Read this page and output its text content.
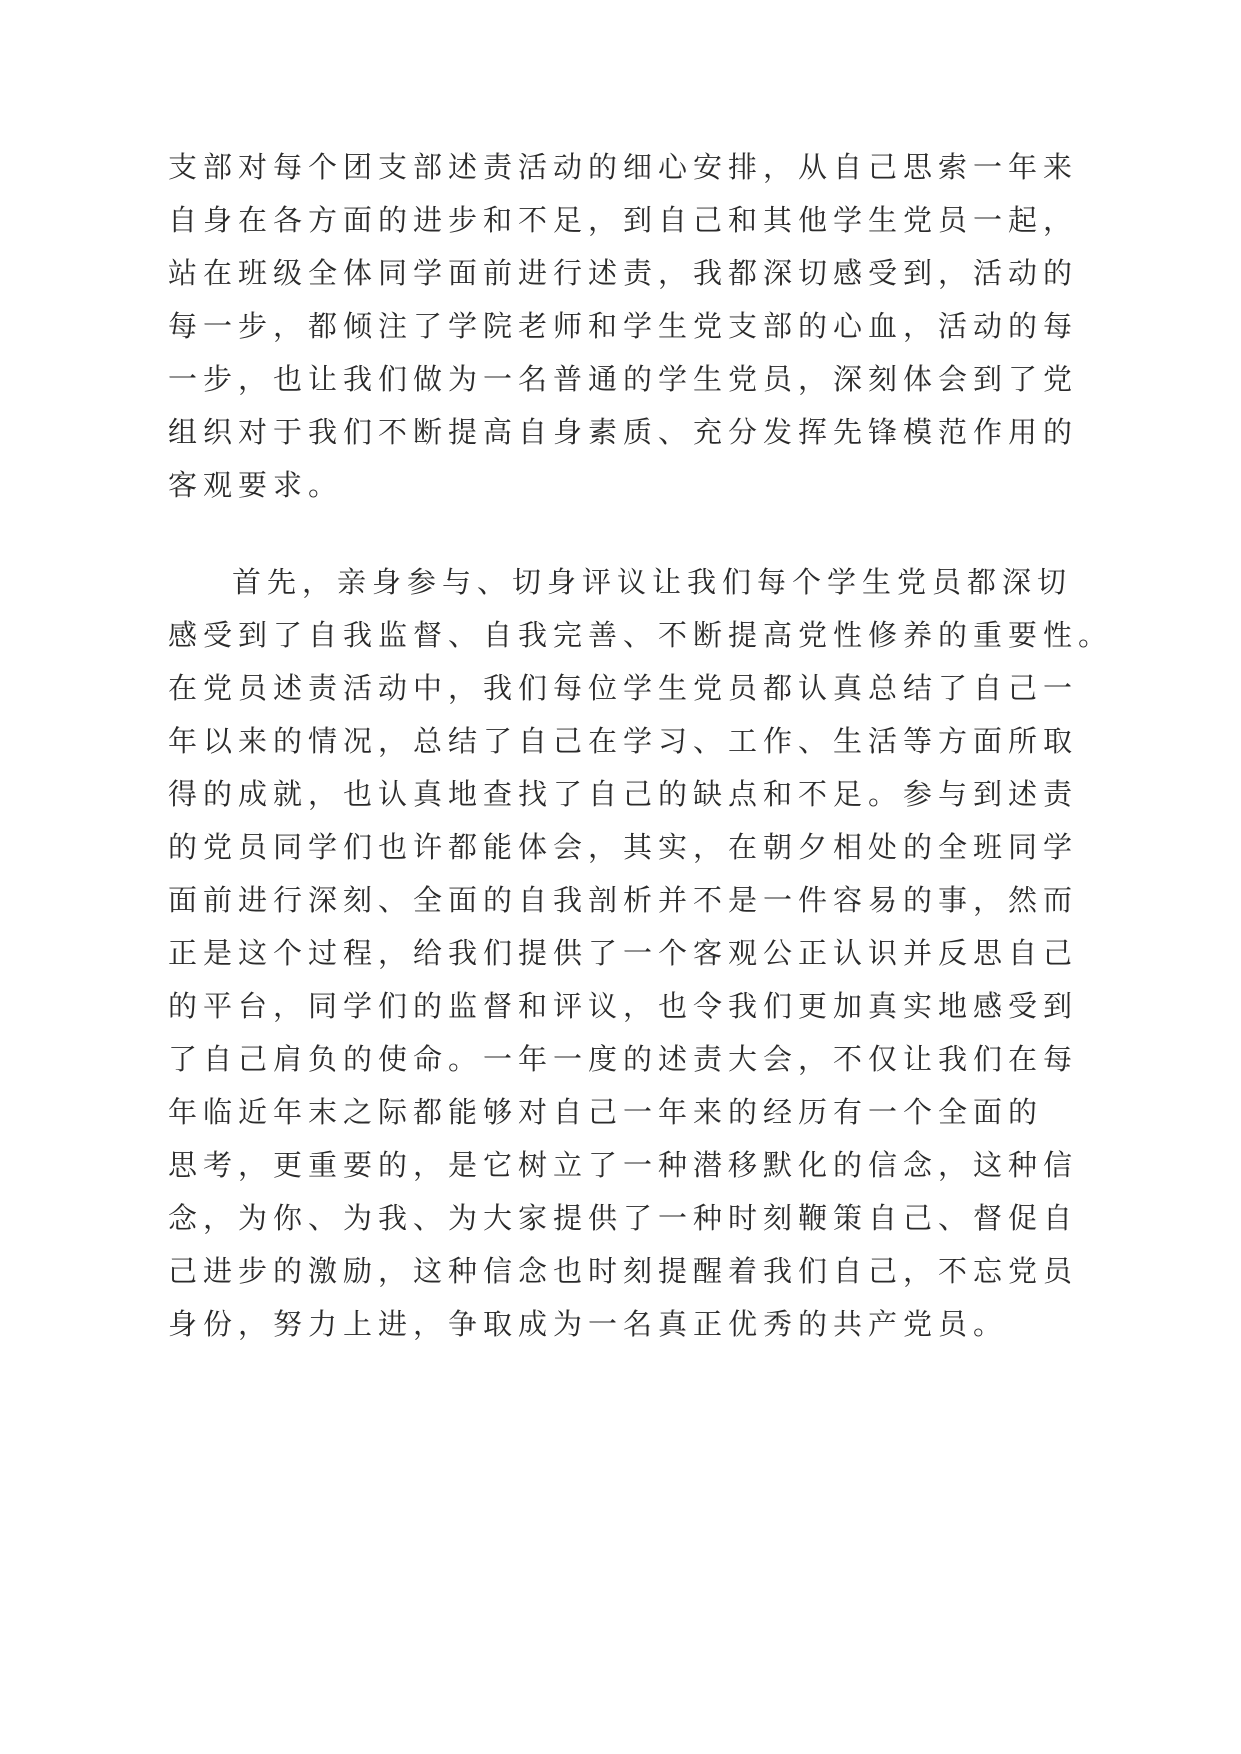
支部对每个团支部述责活动的细心安排，从自己思索一年来
自身在各方面的进步和不足，到自己和其他学生党员一起，
站在班级全体同学面前进行述责，我都深切感受到，活动的
每一步，都倾注了学院老师和学生党支部的心血，活动的每
一步，也让我们做为一名普通的学生党员，深刻体会到了党
组织对于我们不断提高自身素质、充分发挥先锋模范作用的
客观要求。
首先，亲身参与、切身评议让我们每个学生党员都深切
感受到了自我监督、自我完善、不断提高党性修养的重要性。
在党员述责活动中，我们每位学生党员都认真总结了自己一
年以来的情况，总结了自己在学习、工作、生活等方面所取
得的成就，也认真地查找了自己的缺点和不足。参与到述责
的党员同学们也许都能体会，其实，在朝夕相处的全班同学
面前进行深刻、全面的自我剖析并不是一件容易的事，然而
正是这个过程，给我们提供了一个客观公正认识并反思自己
的平台，同学们的监督和评议，也令我们更加真实地感受到
了自己肩负的使命。一年一度的述责大会，不仅让我们在每
年临近年末之际都能够对自己一年来的经历有一个全面的
思考，更重要的，是它树立了一种潜移默化的信念，这种信
念，为你、为我、为大家提供了一种时刻鞭策自己、督促自
己进步的激励，这种信念也时刻提醒着我们自己，不忘党员
身份，努力上进，争取成为一名真正优秀的共产党员。
